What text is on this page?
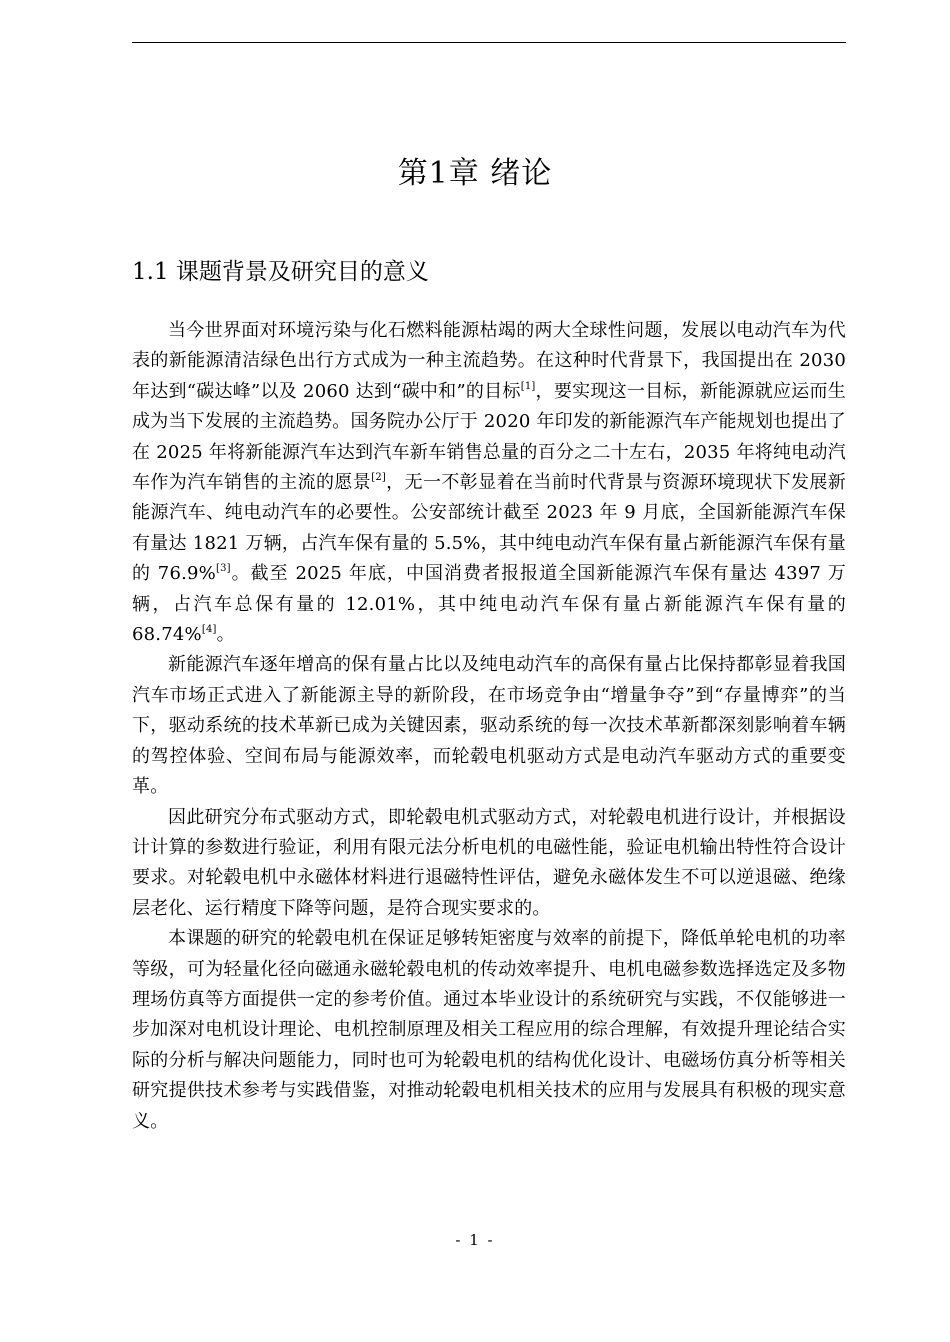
第1章 绪论
1.1 课题背景及研究目的意义

当今世界面对环境污染与化石燃料能源枯竭的两大全球性问题，发展以电动汽车为代表的新能源清洁绿色出行方式成为一种主流趋势。在这种时代背景下，我国提出在 2030 年达到“碳达峰”以及 2060 达到“碳中和”的目标[1]，要实现这一目标，新能源就应运而生成为当下发展的主流趋势。国务院办公厅于 2020 年印发的新能源汽车产能规划也提出了在 2025 年将新能源汽车达到汽车新车销售总量的百分之二十左右，2035 年将纯电动汽车作为汽车销售的主流的愿景[2]，无一不彰显着在当前时代背景与资源环境现状下发展新能源汽车、纯电动汽车的必要性。公安部统计截至 2023 年 9 月底，全国新能源汽车保有量达 1821 万辆，占汽车保有量的 5.5%，其中纯电动汽车保有量占新能源汽车保有量的 76.9%[3]。截至 2025 年底，中国消费者报报道全国新能源汽车保有量达 4397 万辆，占汽车总保有量的 12.01%，其中纯电动汽车保有量占新能源汽车保有量的 68.74%[4]。

新能源汽车逐年增高的保有量占比以及纯电动汽车的高保有量占比保持都彰显着我国汽车市场正式进入了新能源主导的新阶段，在市场竞争由“增量争夺”到“存量博弈”的当下，驱动系统的技术革新已成为关键因素，驱动系统的每一次技术革新都深刻影响着车辆的驾控体验、空间布局与能源效率，而轮毂电机驱动方式是电动汽车驱动方式的重要变革。

因此研究分布式驱动方式，即轮毂电机式驱动方式，对轮毂电机进行设计，并根据设计计算的参数进行验证，利用有限元法分析电机的电磁性能，验证电机输出特性符合设计要求。对轮毂电机中永磁体材料进行退磁特性评估，避免永磁体发生不可以逆退磁、绝缘层老化、运行精度下降等问题，是符合现实要求的。

本课题的研究的轮毂电机在保证足够转矩密度与效率的前提下，降低单轮电机的功率等级，可为轻量化径向磁通永磁轮毂电机的传动效率提升、电机电磁参数选择选定及多物理场仿真等方面提供一定的参考价值。通过本毕业设计的系统研究与实践，不仅能够进一步加深对电机设计理论、电机控制原理及相关工程应用的综合理解，有效提升理论结合实际的分析与解决问题能力，同时也可为轮毂电机的结构优化设计、电磁场仿真分析等相关研究提供技术参考与实践借鉴，对推动轮毂电机相关技术的应用与发展具有积极的现实意义。

- 1 -
